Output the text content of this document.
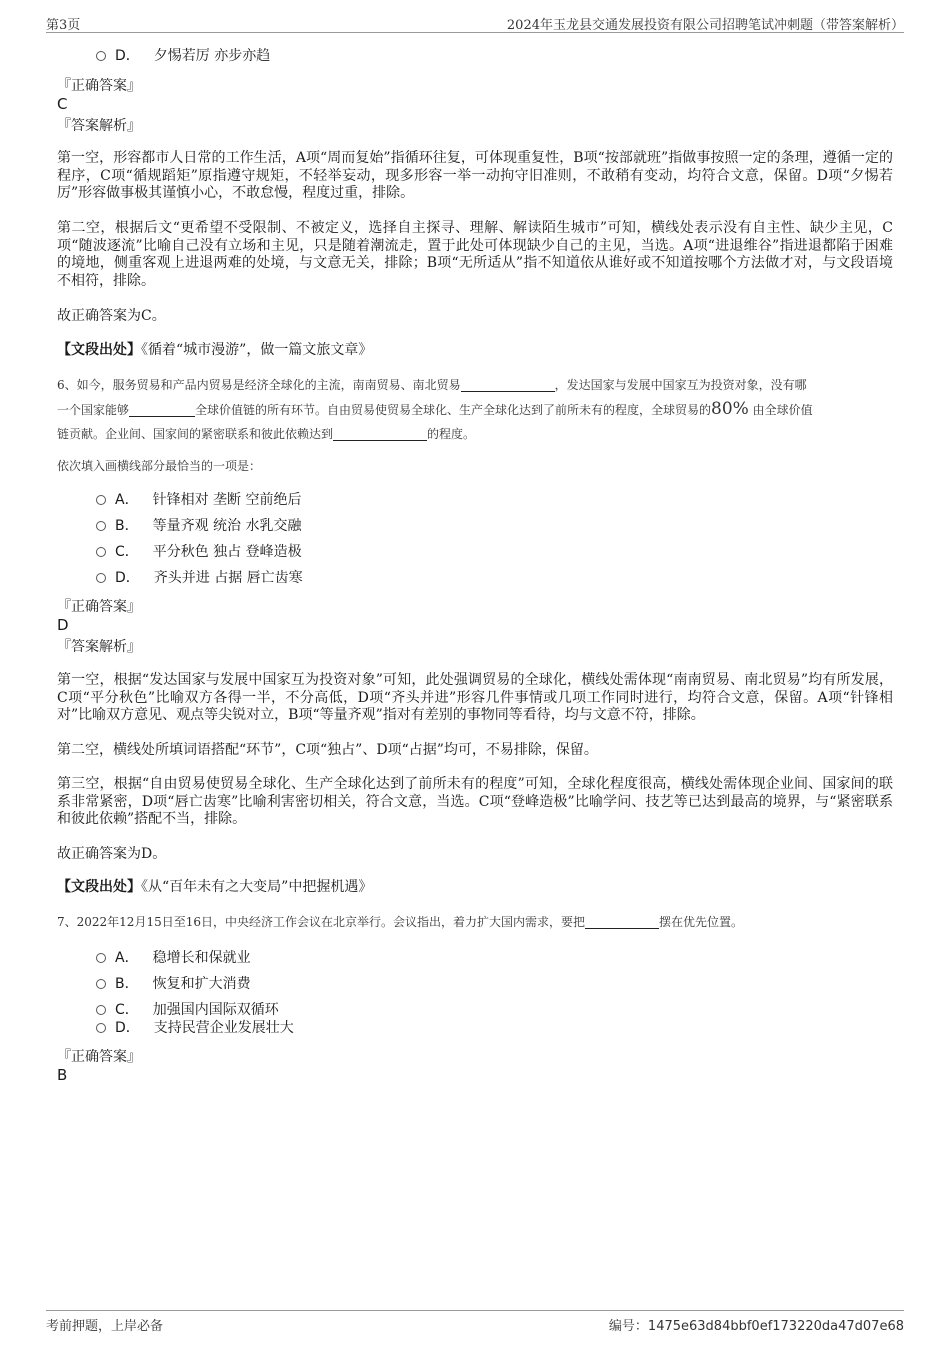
第3页	2024年玉龙县交通发展投资有限公司招聘笔试冲刺题（带答案解析）
D． 夕惕若厉 亦步亦趋
『正确答案』
C
『答案解析』
第一空，形容都市人日常的工作生活，A项“周而复始”指循环往复，可体现重复性，B项“按部就班”指做事按照一定的条理，遵循一定的程序，C项“循规蹈矩”原指遵守规矩，不轻举妄动，现多形容一举一动拘守旧准则，不敢稍有变动，均符合文意，保留。D项“夕惕若厉”形容做事极其谨慎小心，不敢怠慢，程度过重，排除。
第二空，根据后文“更希望不受限制、不被定义，选择自主探寻、理解、解读陌生城市”可知，横线处表示没有自主性、缺少主见，C项“随波逐流”比喻自己没有立场和主见，只是随着潮流走，置于此处可体现缺少自己的主见，当选。A项“进退维谷”指进退都陷于困难的境地，侧重客观上进退两难的处境，与文意无关，排除；B项“无所适从”指不知道依从谁好或不知道按哪个方法做才对，与文段语境不相符，排除。
故正确答案为C。
【文段出处】《循着“城市漫游”，做一篇文旅文章》
6、如今，服务贸易和产品内贸易是经济全球化的主流，南南贸易、南北贸易	，发达国家与发展中国家互为投资对象，没有哪
一个国家能够	全球价值链的所有环节。自由贸易使贸易全球化、生产全球化达到了前所未有的程度，全球贸易的80% 由全球价值
链贡献。企业间、国家间的紧密联系和彼此依赖达到	的程度。
依次填入画横线部分最恰当的一项是：
A． 针锋相对 垄断 空前绝后
B． 等量齐观 统治 水乳交融
C． 平分秋色 独占 登峰造极
D． 齐头并进 占据 唇亡齿寒
『正确答案』
D
『答案解析』
第一空，根据“发达国家与发展中国家互为投资对象”可知，此处强调贸易的全球化，横线处需体现“南南贸易、南北贸易”均有所发展，C项“平分秋色”比喻双方各得一半，不分高低，D项“齐头并进”形容几件事情或几项工作同时进行，均符合文意，保留。A项“针锋相对”比喻双方意见、观点等尖锐对立，B项“等量齐观”指对有差别的事物同等看待，均与文意不符，排除。
第二空，横线处所填词语搭配“环节”，C项“独占”、D项“占据”均可，不易排除，保留。
第三空，根据“自由贸易使贸易全球化、生产全球化达到了前所未有的程度”可知，全球化程度很高，横线处需体现企业间、国家间的联系非常紧密，D项“唇亡齿寒”比喻利害密切相关，符合文意，当选。C项“登峰造极”比喻学问、技艺等已达到最高的境界，与“紧密联系和彼此依赖”搭配不当，排除。
故正确答案为D。
【文段出处】《从“百年未有之大变局”中把握机遇》
7、2022年12月15日至16日，中央经济工作会议在北京举行。会议指出，着力扩大国内需求，要把	摆在优先位置。
A． 稳增长和保就业
B． 恢复和扩大消费
C． 加强国内国际双循环
D． 支持民营企业发展壮大
『正确答案』
B
考前押题，上岸必备	编号：1475e63d84bbf0ef173220da47d07e68
